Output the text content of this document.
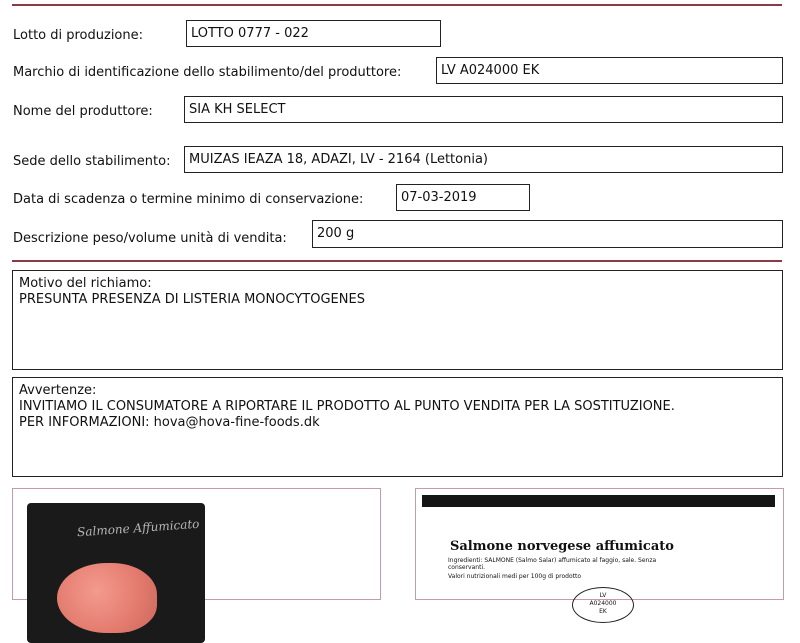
Lotto di produzione:	LOTTO 0777 - 022
Marchio di identificazione dello stabilimento/del produttore:	LV A024000 EK
Nome del produttore:	SIA KH SELECT
Sede dello stabilimento:	MUIZAS IEAZA 18, ADAZI, LV - 2164 (Lettonia)
Data di scadenza o termine minimo di conservazione:	07-03-2019
Descrizione peso/volume unità di vendita:	200 g
Motivo del richiamo:
PRESUNTA PRESENZA DI LISTERIA MONOCYTOGENES
Avvertenze:
INVITIAMO IL CONSUMATORE A RIPORTARE IL PRODOTTO AL PUNTO VENDITA PER LA SOSTITUZIONE.
PER INFORMAZIONI: hova@hova-fine-foods.dk
Salmone Affumicato
Salmone norvegese affumicato
Ingredienti: SALMONE (Salmo Salar) affumicato al faggio, sale. Senza conservanti.
Valori nutrizionali medi per 100g di prodotto
LV
A024000
EK
